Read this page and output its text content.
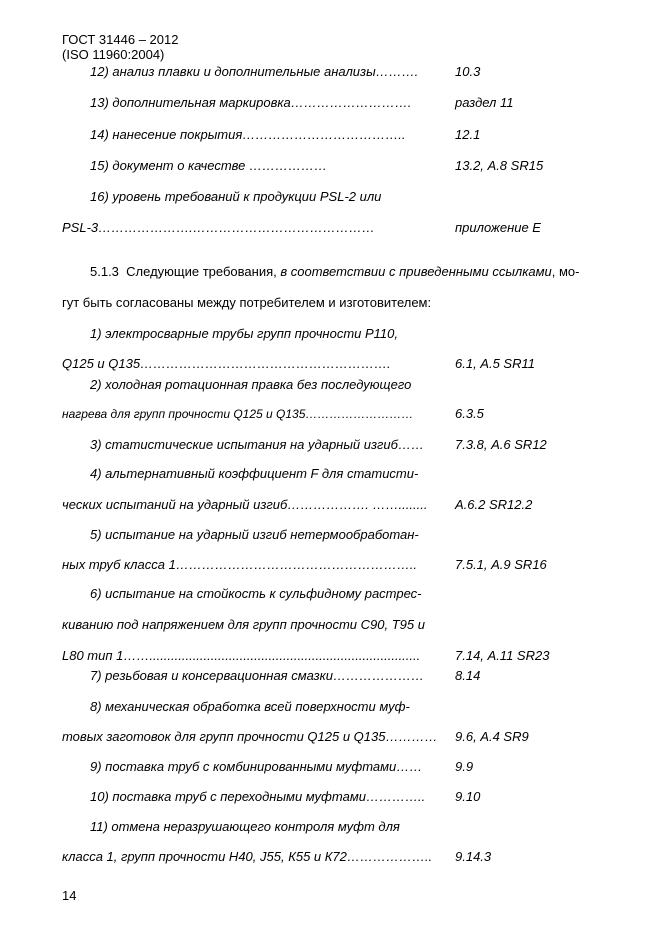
ГОСТ 31446 – 2012
(ISO 11960:2004)
12) анализ плавки и дополнительные анализы……….	10.3
13) дополнительная маркировка……………………….	раздел 11
14) нанесение покрытия………………………………..	12.1
15) документ о качестве ………………	13.2, А.8 SR15
16) уровень требований к продукции PSL-2 или
PSL-3………………….……………………………………	приложение Е
5.1.3 Следующие требования, в соответствии с приведенными ссылками, мо-
гут быть согласованы между потребителем и изготовителем:
1) электросварные трубы групп прочности Р110,
Q125 и Q135………………………………………………….	6.1, А.5 SR11
2) холодная ротационная правка без последующего
нагрева для групп прочности Q125 и Q135………………………	6.3.5
3) статистические испытания на ударный изгиб…… 7.3.8, А.6 SR12
4) альтернативный коэффициент F для статисти-
ческих испытаний на ударный изгиб………………. ……........ А.6.2 SR12.2
5) испытание на ударный изгиб нетермообработан-
ных труб класса 1………………………………………………..	7.5.1, А.9 SR16
6) испытание на стойкость к сульфидному растрес-
киванию под напряжением для групп прочности С90, Т95 и
L80 тип 1……...........................................................................	7.14, А.11 SR23
7) резьбовая и консервационная смазки………………… 8.14
8) механическая обработка всей поверхности муф-
товых заготовок для групп прочности Q125 и Q135………… 9.6, А.4 SR9
9) поставка труб с комбинированными муфтами……	9.9
10) поставка труб с переходными муфтами………….. 9.10
11) отмена неразрушающего контроля муфт для
класса 1, групп прочности Н40, J55, К55 и К72……………….. 9.14.3
14
